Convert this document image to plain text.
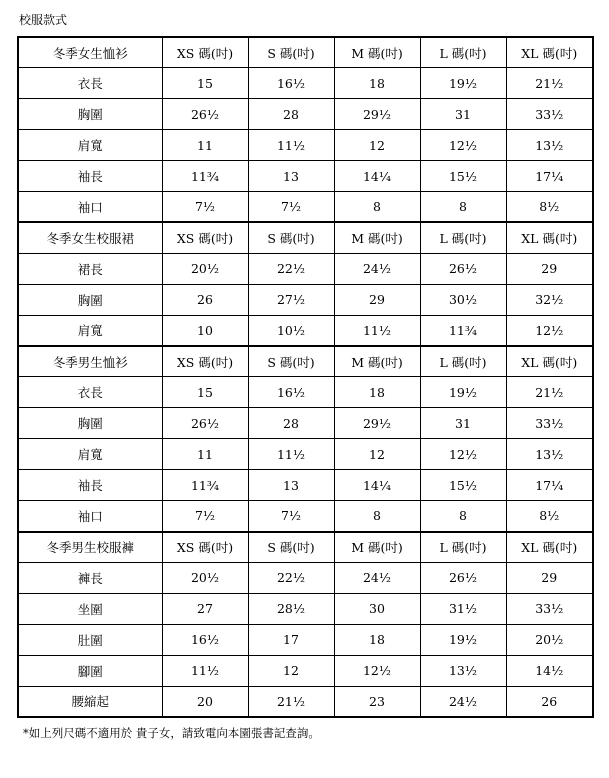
校服款式
冬季女生恤衫	XS 碼(吋)	S 碼(吋)	M 碼(吋)	L 碼(吋)	XL 碼(吋)
衣長	15	16½	18	19½	21½
胸圍	26½	28	29½	31	33½
肩寬	11	11½	12	12½	13½
袖長	11¾	13	14¼	15½	17¼
袖口	7½	7½	8	8	8½
冬季女生校服裙	XS 碼(吋)	S 碼(吋)	M 碼(吋)	L 碼(吋)	XL 碼(吋)
裙長	20½	22½	24½	26½	29
胸圍	26	27½	29	30½	32½
肩寬	10	10½	11½	11¾	12½
冬季男生恤衫	XS 碼(吋)	S 碼(吋)	M 碼(吋)	L 碼(吋)	XL 碼(吋)
衣長	15	16½	18	19½	21½
胸圍	26½	28	29½	31	33½
肩寬	11	11½	12	12½	13½
袖長	11¾	13	14¼	15½	17¼
袖口	7½	7½	8	8	8½
冬季男生校服褲	XS 碼(吋)	S 碼(吋)	M 碼(吋)	L 碼(吋)	XL 碼(吋)
褲長	20½	22½	24½	26½	29
坐圍	27	28½	30	31½	33½
肚圍	16½	17	18	19½	20½
腳圍	11½	12	12½	13½	14½
腰縮起	20	21½	23	24½	26
*如上列尺碼不適用於 貴子女，請致電向本園張書記查詢。
